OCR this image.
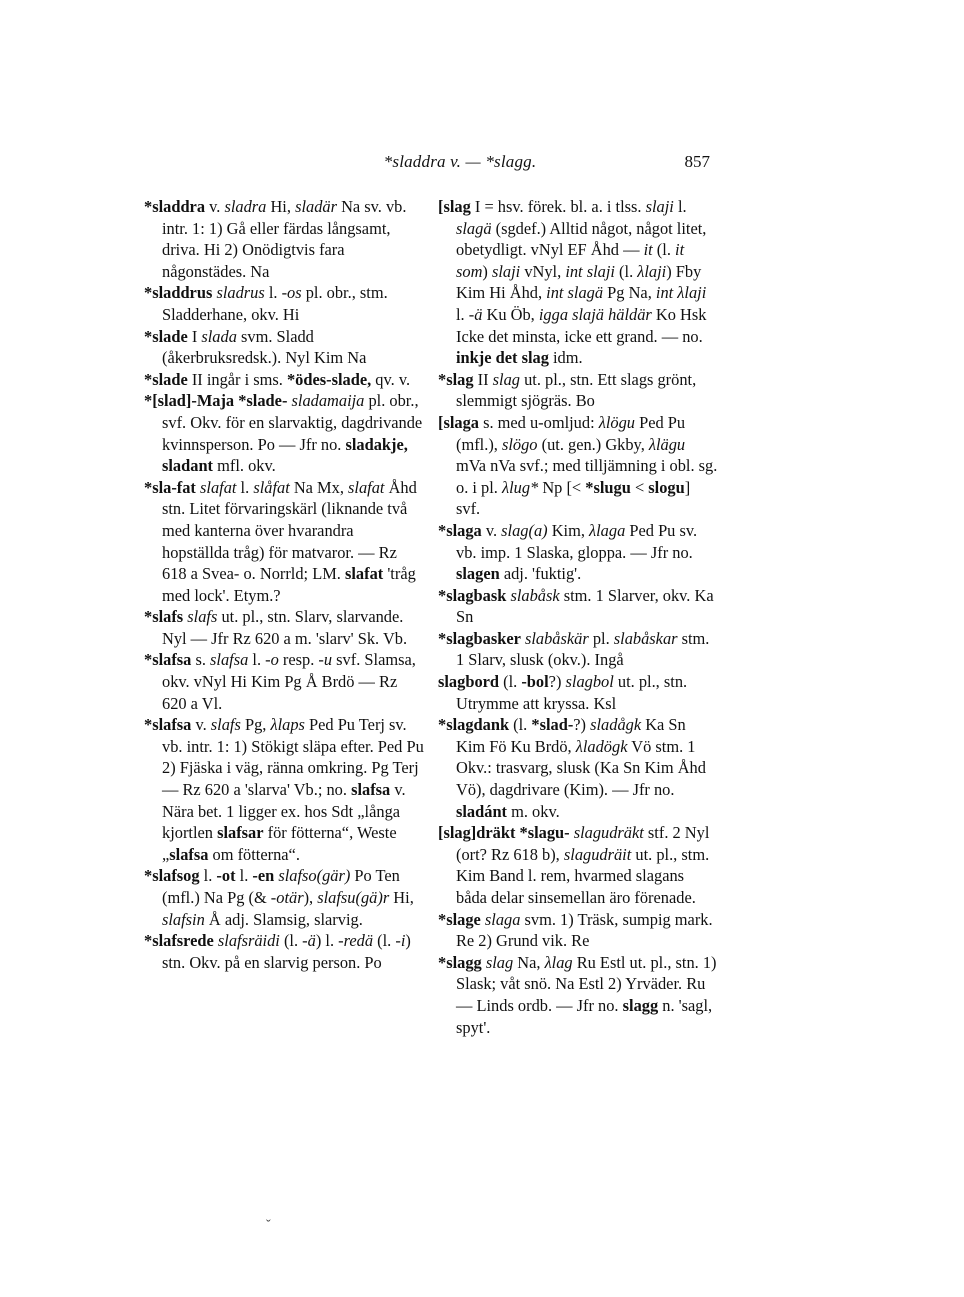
*sladdra v. — *slagg.	857

*sladdra v. sladra Hi, sladär Na sv. vb. intr. 1: 1) Gå eller färdas långsamt, driva. Hi 2) Onödigtvis fara någonstädes. Na

*sladdrus sladrus l. -os pl. obr., stm. Sladderhane, okv. Hi

*slade I slada svm. Sladd (åkerbruksredsk.). Nyl Kim Na

*slade II ingår i sms. *ödes-slade, qv. v.

*[slad]-Maja *slade- sladamaija pl. obr., svf. Okv. för en slarvaktig, dagdrivande kvinnsperson. Po — Jfr no. sladakje, sladant mfl. okv.

*sla-fat slafat l. slåfat Na Mx, slafat Åhd stn. Litet förvaringskärl (liknande två med kanterna över hvarandra hopställda tråg) för matvaror. — Rz 618 a Svea- o. Norrld; LM. slafat 'tråg med lock'. Etym.?

*slafs slafs ut. pl., stn. Slarv, slarvande. Nyl — Jfr Rz 620 a m. 'slarv' Sk. Vb.

*slafsa s. slafsa l. -o resp. -u svf. Slamsa, okv. vNyl Hi Kim Pg Å Brdö — Rz 620 a Vl.

*slafsa v. slafs Pg, λlaps Ped Pu Terj sv. vb. intr. 1: 1) Stökigt släpa efter. Ped Pu 2) Fjäska i väg, ränna omkring. Pg Terj — Rz 620 a 'slarva' Vb.; no. slafsa v. Nära bet. 1 ligger ex. hos Sdt „långa kjortlen slafsar för fötterna“, Weste „slafsa om fötterna“.

*slafsog l. -ot l. -en slafso(gär) Po Ten (mfl.) Na Pg (& -otär), slafsu(gä)r Hi, slafsin Å adj. Slamsig, slarvig.

*slafsrede slafsräidi (l. -ä) l. -redä (l. -i) stn. Okv. på en slarvig person. Po

[slag I = hsv. förek. bl. a. i tlss. slaji l. slagä (sgdef.) Alltid något, något litet, obetydligt. vNyl EF Åhd — it (l. it som) slaji vNyl, int slaji (l. λlaji) Fby Kim Hi Åhd, int slagä Pg Na, int λlaji l. -ä Ku Öb, igga slajä häldär Ko Hsk Icke det minsta, icke ett grand. — no. inkje det slag idm.

*slag II slag ut. pl., stn. Ett slags grönt, slemmigt sjögräs. Bo

[slaga s. med u-omljud: λlögu Ped Pu (mfl.), slögo (ut. gen.) Gkby, λlägu mVa nVa svf.; med tilljämning i obl. sg. o. i pl. λlug* Np [< *slugu < slogu] svf.

*slaga v. slag(a) Kim, λlaga Ped Pu sv. vb. imp. 1 Slaska, gloppa. — Jfr no. slagen adj. 'fuktig'.

*slagbask slabåsk stm. 1 Slarver, okv. Ka Sn

*slagbasker slabåskär pl. slabåskar stm. 1 Slarv, slusk (okv.). Ingå

slagbord (l. -bol?) slagbol ut. pl., stn. Utrymme att kryssa. Ksl

*slagdank (l. *slad-?) sladågk Ka Sn Kim Fö Ku Brdö, λladögk Vö stm. 1 Okv.: trasvarg, slusk (Ka Sn Kim Åhd Vö), dagdrivare (Kim). — Jfr no. sladánt m. okv.

[slag]dräkt *slagu- slagudräkt stf. 2 Nyl (ort? Rz 618 b), slagudräit ut. pl., stm. Kim Band l. rem, hvarmed slagans båda delar sinsemellan äro förenade.

*slage slaga svm. 1) Träsk, sumpig mark. Re 2) Grund vik. Re

*slagg slag Na, λlag Ru Estl ut. pl., stn. 1) Slask; våt snö. Na Estl 2) Yrväder. Ru — Linds ordb. — Jfr no. slagg n. 'sagl, spyt'.

ˇ
